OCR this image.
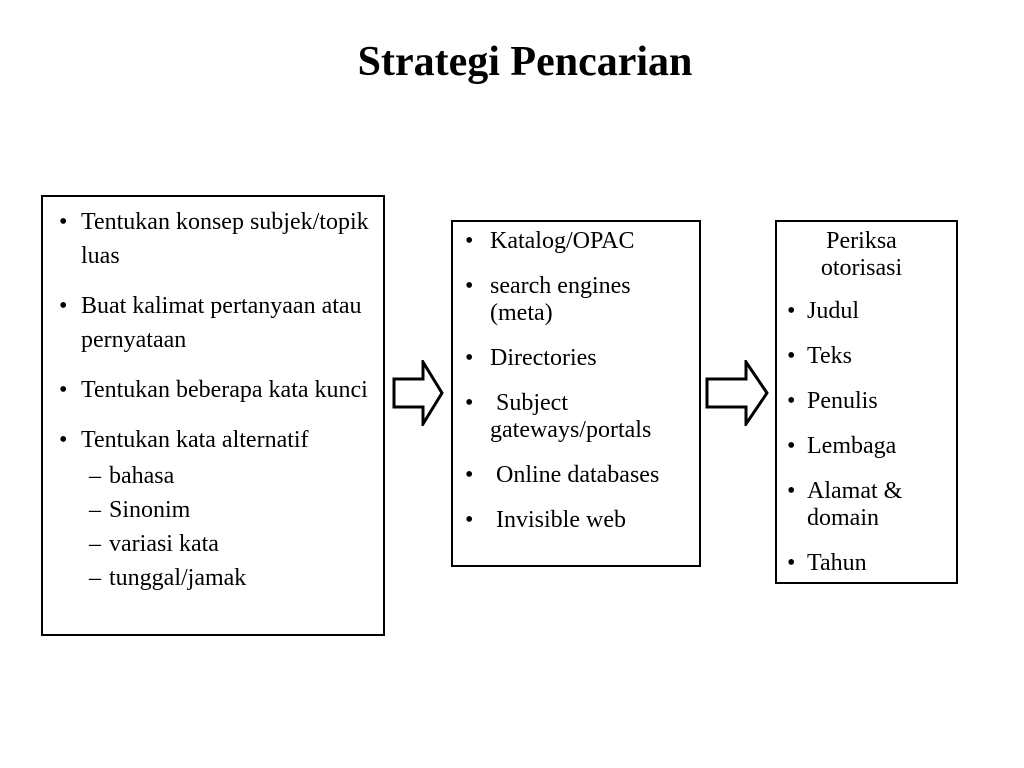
Strategi Pencarian
• Tentukan konsep subjek/topik luas
• Buat kalimat pertanyaan atau pernyataan
• Tentukan beberapa kata kunci
• Tentukan kata alternatif
– bahasa
– Sinonim
– variasi kata
– tunggal/jamak
• Katalog/OPAC
• search engines (meta)
• Directories
• Subject gateways/portals
• Online databases
• Invisible web
Periksa otorisasi
• Judul
• Teks
• Penulis
• Lembaga
• Alamat & domain
• Tahun
